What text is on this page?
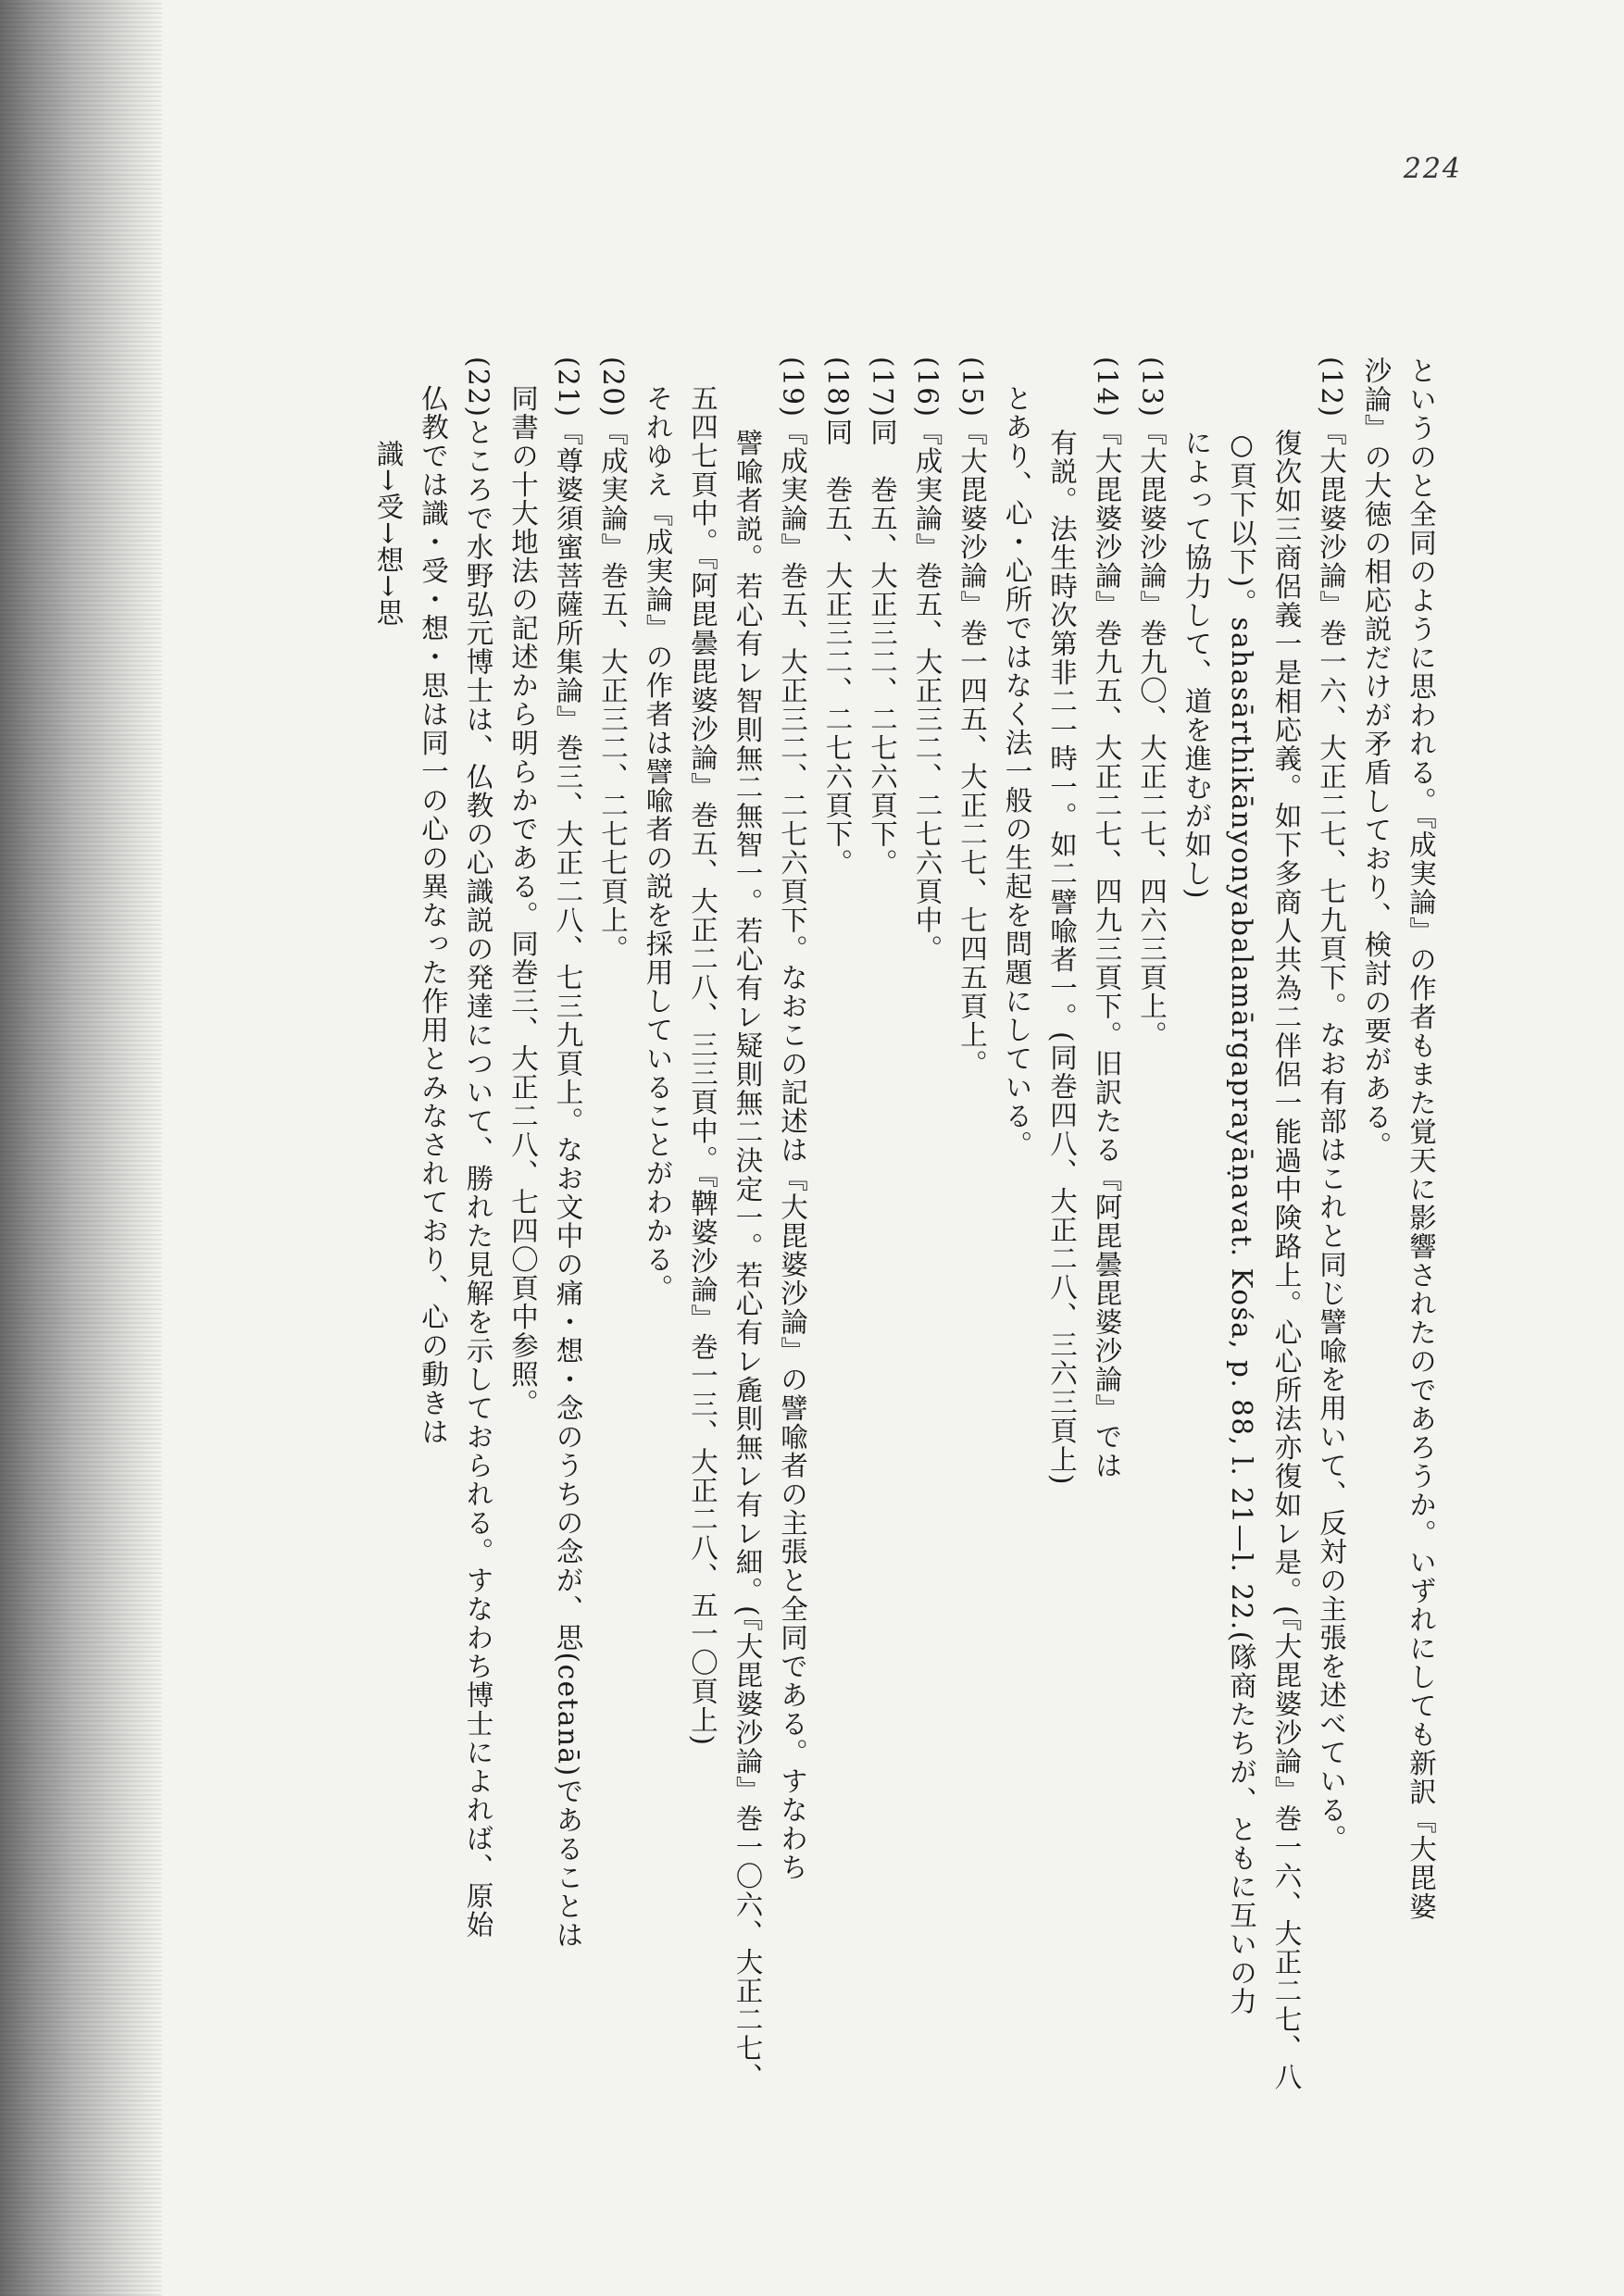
224
というのと全同のように思われる。『成実論』の作者もまた覚天に影響されたのであろうか。いずれにしても新訳『大毘婆
沙論』の大徳の相応説だけが矛盾しており、検討の要がある。
(12)『大毘婆沙論』巻一六、大正二七、七九頁下。なお有部はこれと同じ譬喩を用いて、反対の主張を述べている。
復次如三商侶義一是相応義。如下多商人共為二伴侶一能過中険路上。心心所法亦復如レ是。(『大毘婆沙論』巻一六、大正二七、八
○頁下以下)。sahasārthikānyonyabalamārgaprayāṇavat. Kośa, p. 88, l. 21—l. 22.(隊商たちが、ともに互いの力
によって協力して、道を進むが如し)
(13)『大毘婆沙論』巻九〇、大正二七、四六三頁上。
(14)『大毘婆沙論』巻九五、大正二七、四九三頁下。旧訳たる『阿毘曇毘婆沙論』では
有説。法生時次第非二一時一。如二譬喩者一。(同巻四八、大正二八、三六三頁上)
とあり、心・心所ではなく法一般の生起を問題にしている。
(15)『大毘婆沙論』巻一四五、大正二七、七四五頁上。
(16)『成実論』巻五、大正三二、二七六頁中。
(17)同　巻五、大正三二、二七六頁下。
(18)同　巻五、大正三二、二七六頁下。
(19)『成実論』巻五、大正三二、二七六頁下。なおこの記述は『大毘婆沙論』の譬喩者の主張と全同である。すなわち
譬喩者説。若心有レ智則無二無智一。若心有レ疑則無二決定一。若心有レ麁則無レ有レ細。(『大毘婆沙論』巻一〇六、大正二七、
五四七頁中。『阿毘曇毘婆沙論』巻五、大正二八、三三頁中。『鞞婆沙論』巻一三、大正二八、五一〇頁上)
それゆえ『成実論』の作者は譬喩者の説を採用していることがわかる。
(20)『成実論』巻五、大正三二、二七七頁上。
(21)『尊婆須蜜菩薩所集論』巻三、大正二八、七三九頁上。なお文中の痛・想・念のうちの念が、思(cetanā)であることは
同書の十大地法の記述から明らかである。同巻三、大正二八、七四〇頁中参照。
(22)ところで水野弘元博士は、仏教の心識説の発達について、勝れた見解を示しておられる。すなわち博士によれば、原始
仏教では識・受・想・思は同一の心の異なった作用とみなされており、心の動きは
識→受→想→思
